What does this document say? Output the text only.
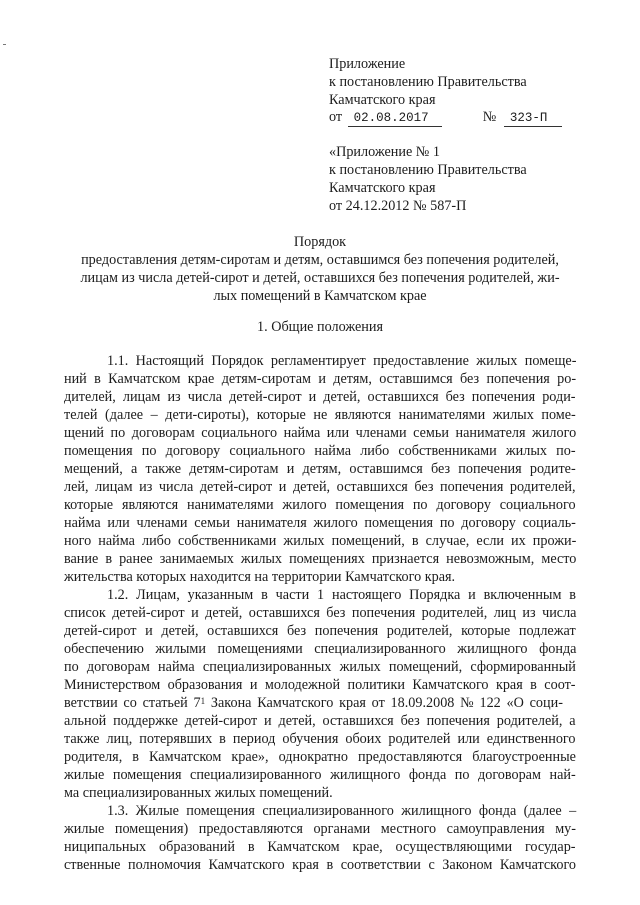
Приложение
к постановлению Правительства
Камчатского края
от 02.08.2017	№ 323-П
«Приложение № 1
к постановлению Правительства
Камчатского края
от 24.12.2012 № 587-П
Порядок
предоставления детям-сиротам и детям, оставшимся без попечения родителей,
лицам из числа детей-сирот и детей, оставшихся без попечения родителей, жи-
лых помещений в Камчатском крае
1. Общие положения
1.1. Настоящий Порядок регламентирует предоставление жилых помеще-
ний в Камчатском крае детям-сиротам и детям, оставшимся без попечения ро-
дителей, лицам из числа детей-сирот и детей, оставшихся без попечения роди-
телей (далее – дети-сироты), которые не являются нанимателями жилых поме-
щений по договорам социального найма или членами семьи нанимателя жилого
помещения по договору социального найма либо собственниками жилых по-
мещений, а также детям-сиротам и детям, оставшимся без попечения родите-
лей, лицам из числа детей-сирот и детей, оставшихся без попечения родителей,
которые являются нанимателями жилого помещения по договору социального
найма или членами семьи нанимателя жилого помещения по договору социаль-
ного найма либо собственниками жилых помещений, в случае, если их прожи-
вание в ранее занимаемых жилых помещениях признается невозможным, место
жительства которых находится на территории Камчатского края.
1.2. Лицам, указанным в части 1 настоящего Порядка и включенным в
список детей-сирот и детей, оставшихся без попечения родителей, лиц из числа
детей-сирот и детей, оставшихся без попечения родителей, которые подлежат
обеспечению жилыми помещениями специализированного жилищного фонда
по договорам найма специализированных жилых помещений, сформированный
Министерством образования и молодежной политики Камчатского края в соот-
ветствии со статьей $7^1$ Закона Камчатского края от 18.09.2008 № 122 «О соци-
альной поддержке детей-сирот и детей, оставшихся без попечения родителей, а
также лиц, потерявших в период обучения обоих родителей или единственного
родителя, в Камчатском крае», однократно предоставляются благоустроенные
жилые помещения специализированного жилищного фонда по договорам най-
ма специализированных жилых помещений.
1.3. Жилые помещения специализированного жилищного фонда (далее –
жилые помещения) предоставляются органами местного самоуправления му-
ниципальных образований в Камчатском крае, осуществляющими государ-
ственные полномочия Камчатского края в соответствии с Законом Камчатского
